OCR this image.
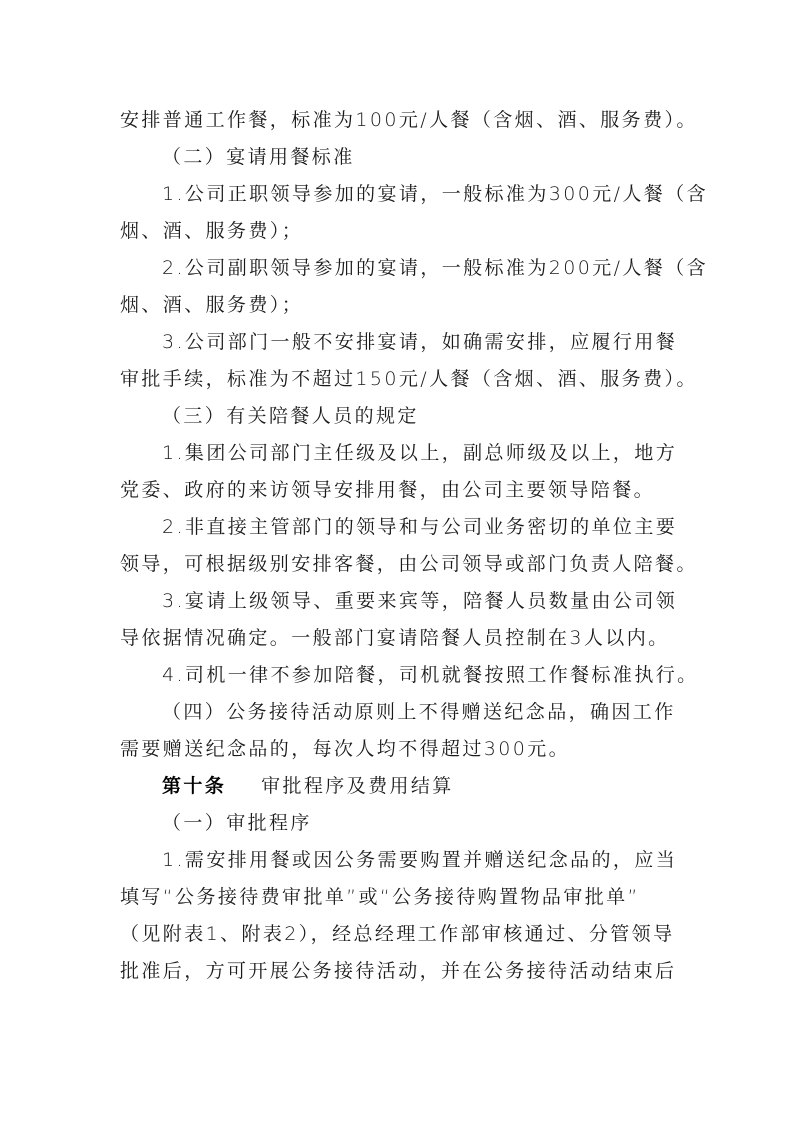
安排普通工作餐，标准为100元/人餐（含烟、酒、服务费）。
（二）宴请用餐标准
1.公司正职领导参加的宴请，一般标准为300元/人餐（含
烟、酒、服务费）；
2.公司副职领导参加的宴请，一般标准为200元/人餐（含
烟、酒、服务费）；
3.公司部门一般不安排宴请，如确需安排，应履行用餐
审批手续，标准为不超过150元/人餐（含烟、酒、服务费）。
（三）有关陪餐人员的规定
1.集团公司部门主任级及以上，副总师级及以上，地方
党委、政府的来访领导安排用餐，由公司主要领导陪餐。
2.非直接主管部门的领导和与公司业务密切的单位主要
领导，可根据级别安排客餐，由公司领导或部门负责人陪餐。
3.宴请上级领导、重要来宾等，陪餐人员数量由公司领
导依据情况确定。一般部门宴请陪餐人员控制在3人以内。
4.司机一律不参加陪餐，司机就餐按照工作餐标准执行。
（四）公务接待活动原则上不得赠送纪念品，确因工作
需要赠送纪念品的，每次人均不得超过300元。
第十条 审批程序及费用结算
（一）审批程序
1.需安排用餐或因公务需要购置并赠送纪念品的，应当
填写“公务接待费审批单”或“公务接待购置物品审批单”
（见附表1、附表2），经总经理工作部审核通过、分管领导
批准后，方可开展公务接待活动，并在公务接待活动结束后
